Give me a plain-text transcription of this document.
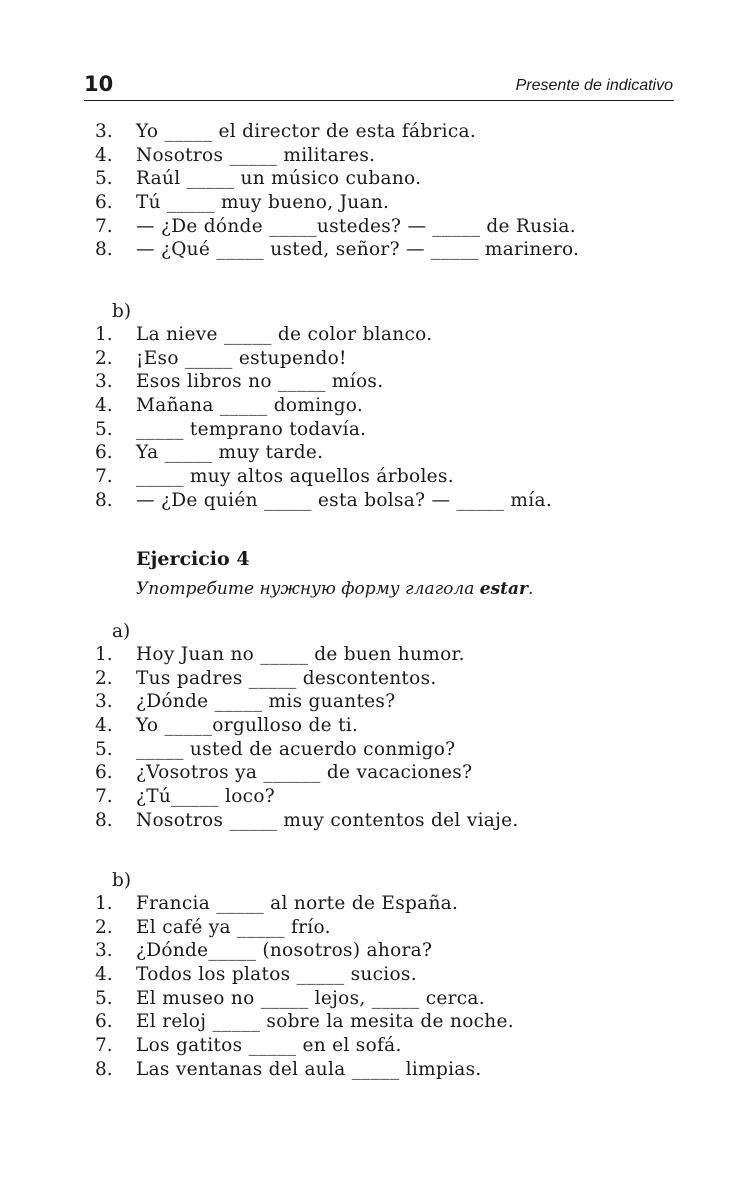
10	Presente de indicativo
3. Yo _____ el director de esta fábrica.
4. Nosotros _____ militares.
5. Raúl _____ un músico cubano.
6. Tú _____ muy bueno, Juan.
7. — ¿De dónde _____ustedes? — _____ de Rusia.
8. — ¿Qué _____ usted, señor? — _____ marinero.
b)
1. La nieve _____ de color blanco.
2. ¡Eso _____ estupendo!
3. Esos libros no _____ míos.
4. Mañana _____ domingo.
5. _____ temprano todavía.
6. Ya _____ muy tarde.
7. _____ muy altos aquellos árboles.
8. — ¿De quién _____ esta bolsa? — _____ mía.
Ejercicio 4
Употребите нужную форму глагола estar.
a)
1. Hoy Juan no _____ de buen humor.
2. Tus padres _____ descontentos.
3. ¿Dónde _____ mis guantes?
4. Yo _____orgulloso de ti.
5. _____ usted de acuerdo conmigo?
6. ¿Vosotros ya ______ de vacaciones?
7. ¿Tú_____ loco?
8. Nosotros _____ muy contentos del viaje.
b)
1. Francia _____ al norte de España.
2. El café ya _____ frío.
3. ¿Dónde_____ (nosotros) ahora?
4. Todos los platos _____ sucios.
5. El museo no _____ lejos, _____ cerca.
6. El reloj _____ sobre la mesita de noche.
7. Los gatitos _____ en el sofá.
8. Las ventanas del aula _____ limpias.
